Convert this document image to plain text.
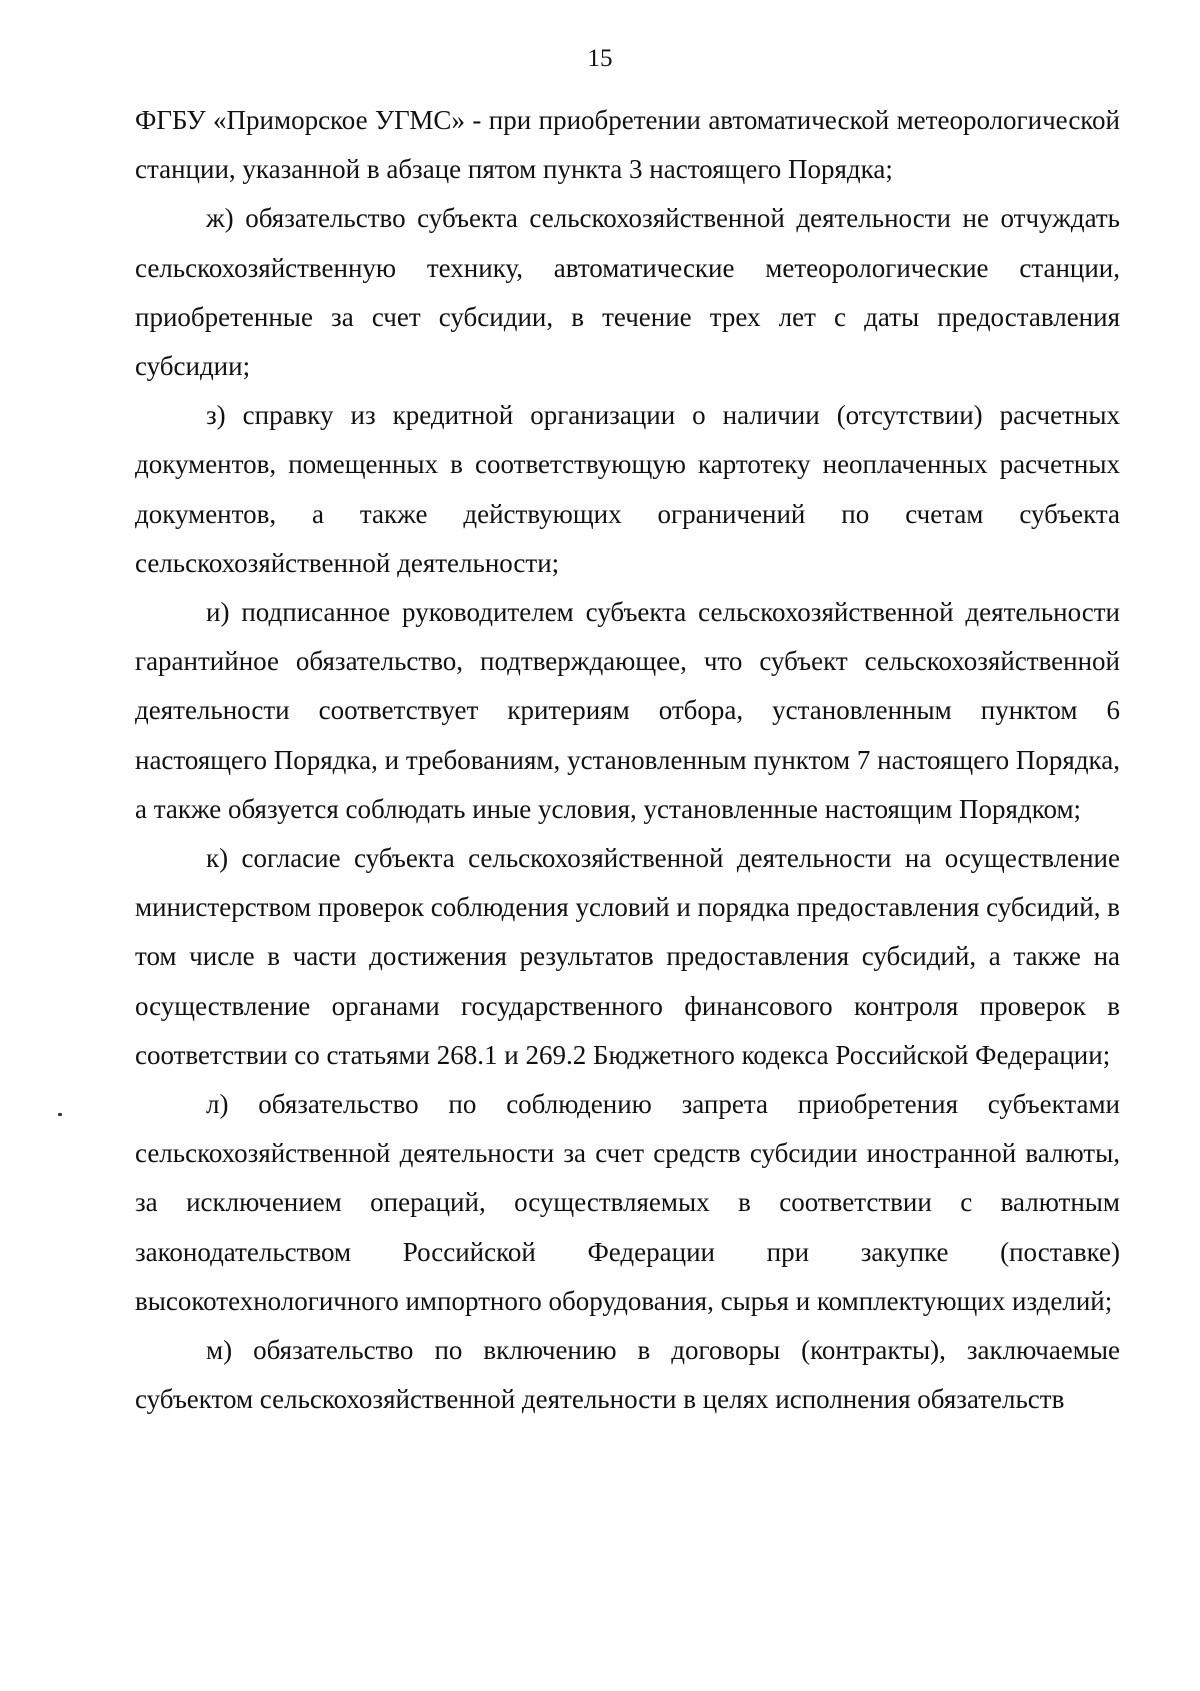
15

ФГБУ «Приморское УГМС» - при приобретении автоматической метеорологической станции, указанной в абзаце пятом пункта 3 настоящего Порядка;

ж) обязательство субъекта сельскохозяйственной деятельности не отчуждать сельскохозяйственную технику, автоматические метеорологические станции, приобретенные за счет субсидии, в течение трех лет с даты предоставления субсидии;

з) справку из кредитной организации о наличии (отсутствии) расчетных документов, помещенных в соответствующую картотеку неоплаченных расчетных документов, а также действующих ограничений по счетам субъекта сельскохозяйственной деятельности;

и) подписанное руководителем субъекта сельскохозяйственной деятельности гарантийное обязательство, подтверждающее, что субъект сельскохозяйственной деятельности соответствует критериям отбора, установленным пунктом 6 настоящего Порядка, и требованиям, установленным пунктом 7 настоящего Порядка, а также обязуется соблюдать иные условия, установленные настоящим Порядком;

к) согласие субъекта сельскохозяйственной деятельности на осуществление министерством проверок соблюдения условий и порядка предоставления субсидий, в том числе в части достижения результатов предоставления субсидий, а также на осуществление органами государственного финансового контроля проверок в соответствии со статьями 268.1 и 269.2 Бюджетного кодекса Российской Федерации;

л) обязательство по соблюдению запрета приобретения субъектами сельскохозяйственной деятельности за счет средств субсидии иностранной валюты, за исключением операций, осуществляемых в соответствии с валютным законодательством Российской Федерации при закупке (поставке) высокотехнологичного импортного оборудования, сырья и комплектующих изделий;

м) обязательство по включению в договоры (контракты), заключаемые субъектом сельскохозяйственной деятельности в целях исполнения обязательств
